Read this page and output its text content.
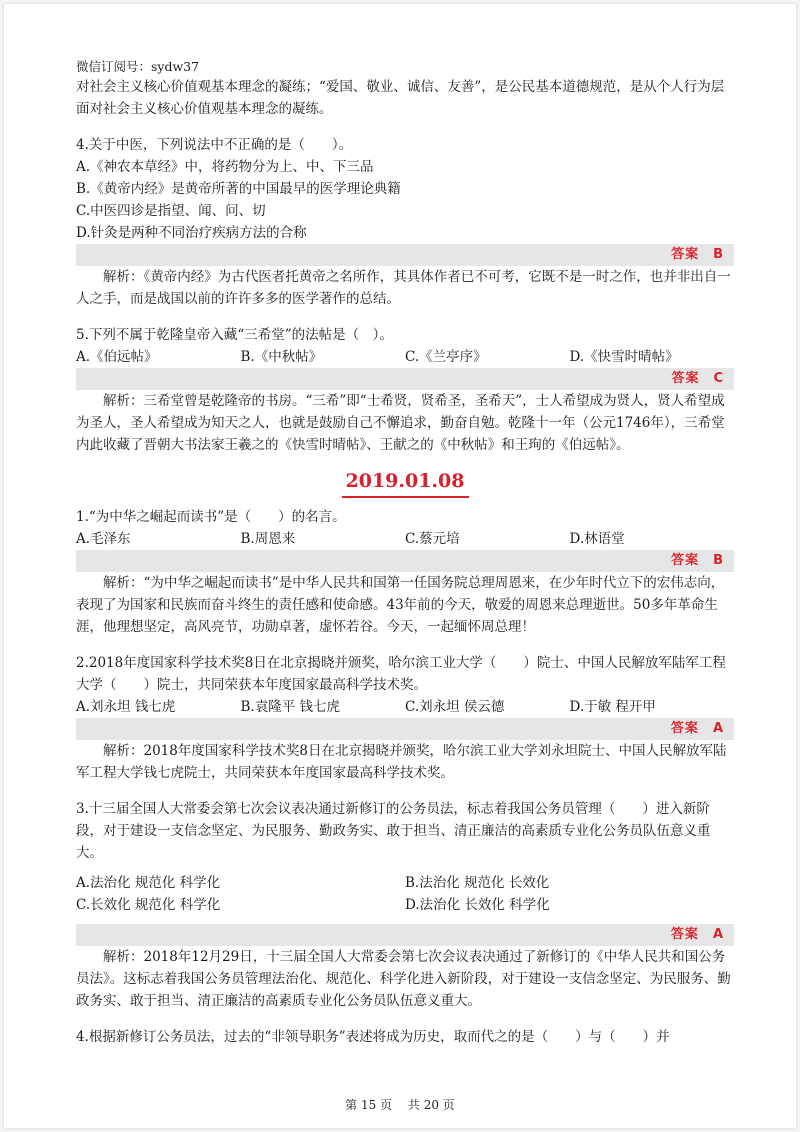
微信订阅号：sydw37

对社会主义核心价值观基本理念的凝练；“爱国、敬业、诚信、友善”，是公民基本道德规范，是从个人行为层面对社会主义核心价值观基本理念的凝练。

4.关于中医，下列说法中不正确的是（　　）。

A.《神农本草经》中，将药物分为上、中、下三品

B.《黄帝内经》是黄帝所著的中国最早的医学理论典籍

C.中医四诊是指望、闻、问、切

D.针灸是两种不同治疗疾病方法的合称

答案 B

解析：《黄帝内经》为古代医者托黄帝之名所作，其具体作者已不可考，它既不是一时之作，也并非出自一人之手，而是战国以前的许许多多的医学著作的总结。

5.下列不属于乾隆皇帝入藏“三希堂”的法帖是（　）。

A.《伯远帖》	B.《中秋帖》	C.《兰亭序》	D.《快雪时晴帖》
答案 C

解析：三希堂曾是乾隆帝的书房。“三希”即“士希贤，贤希圣，圣希天”，士人希望成为贤人，贤人希望成为圣人，圣人希望成为知天之人，也就是鼓励自己不懈追求，勤奋自勉。乾隆十一年（公元1746年），三希堂内此收藏了晋朝大书法家王羲之的《快雪时晴帖》、王献之的《中秋帖》和王珣的《伯远帖》。

2019.01.08

1.“为中华之崛起而读书”是（　　）的名言。

A.毛泽东	B.周恩来	C.蔡元培	D.林语堂
答案 B

解析：“为中华之崛起而读书”是中华人民共和国第一任国务院总理周恩来，在少年时代立下的宏伟志向，表现了为国家和民族而奋斗终生的责任感和使命感。43年前的今天，敬爱的周恩来总理逝世。50多年革命生涯，他理想坚定，高风亮节，功勋卓著，虚怀若谷。今天，一起缅怀周总理！

2.2018年度国家科学技术奖8日在北京揭晓并颁奖，哈尔滨工业大学（　　）院士、中国人民解放军陆军工程大学（　　）院士，共同荣获本年度国家最高科学技术奖。

A.刘永坦 钱七虎	B.袁隆平 钱七虎	C.刘永坦 侯云德	D.于敏 程开甲
答案 A

解析：2018年度国家科学技术奖8日在北京揭晓并颁奖，哈尔滨工业大学刘永坦院士、中国人民解放军陆军工程大学钱七虎院士，共同荣获本年度国家最高科学技术奖。

3.十三届全国人大常委会第七次会议表决通过新修订的公务员法，标志着我国公务员管理（　　）进入新阶段，对于建设一支信念坚定、为民服务、勤政务实、敢于担当、清正廉洁的高素质专业化公务员队伍意义重大。

A.法治化 规范化 科学化	B.法治化 规范化 长效化
C.长效化 规范化 科学化	D.法治化 长效化 科学化
答案 A

解析：2018年12月29日，十三届全国人大常委会第七次会议表决通过了新修订的《中华人民共和国公务员法》。这标志着我国公务员管理法治化、规范化、科学化进入新阶段，对于建设一支信念坚定、为民服务、勤政务实、敢于担当、清正廉洁的高素质专业化公务员队伍意义重大。

4.根据新修订公务员法，过去的“非领导职务”表述将成为历史，取而代之的是（　　）与（　　）并

第 15 页 共 20 页
